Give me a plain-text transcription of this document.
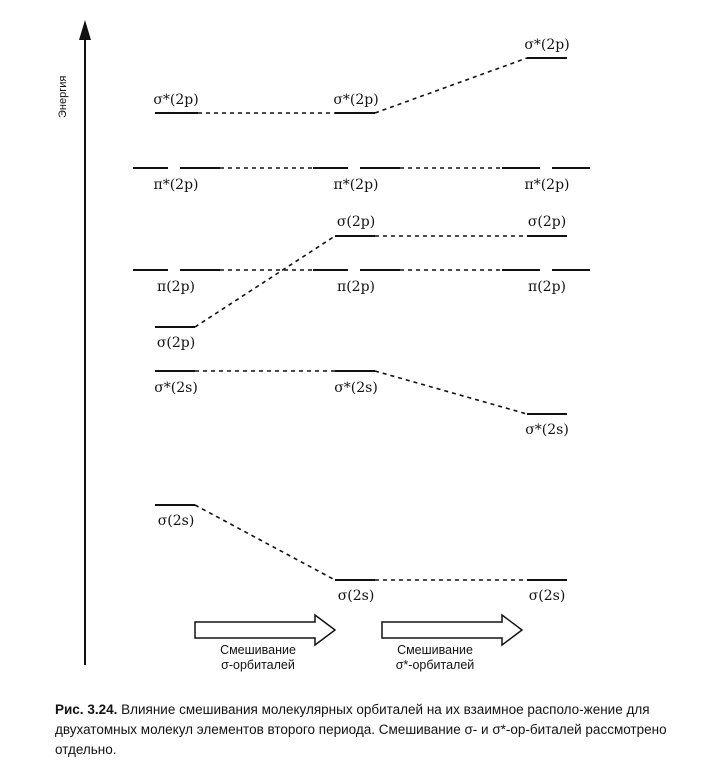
Энергия	σ*(2p)	σ*(2p)
σ*(2p)
π*(2p)	π*(2p)	π*(2p)
σ(2p)	σ(2p)
π(2p)	π(2p)	π(2p)
σ(2p)
σ*(2s)	σ*(2s)
σ*(2s)
σ(2s)
σ(2s)	σ(2s)
Смешивание
σ-орбиталей
Смешивание
σ*-орбиталей
Рис. 3.24. Влияние смешивания молекулярных орбиталей на их взаимное располо-жение для двухатомных молекул элементов второго периода. Смешивание σ- и σ*-ор-биталей рассмотрено отдельно.
